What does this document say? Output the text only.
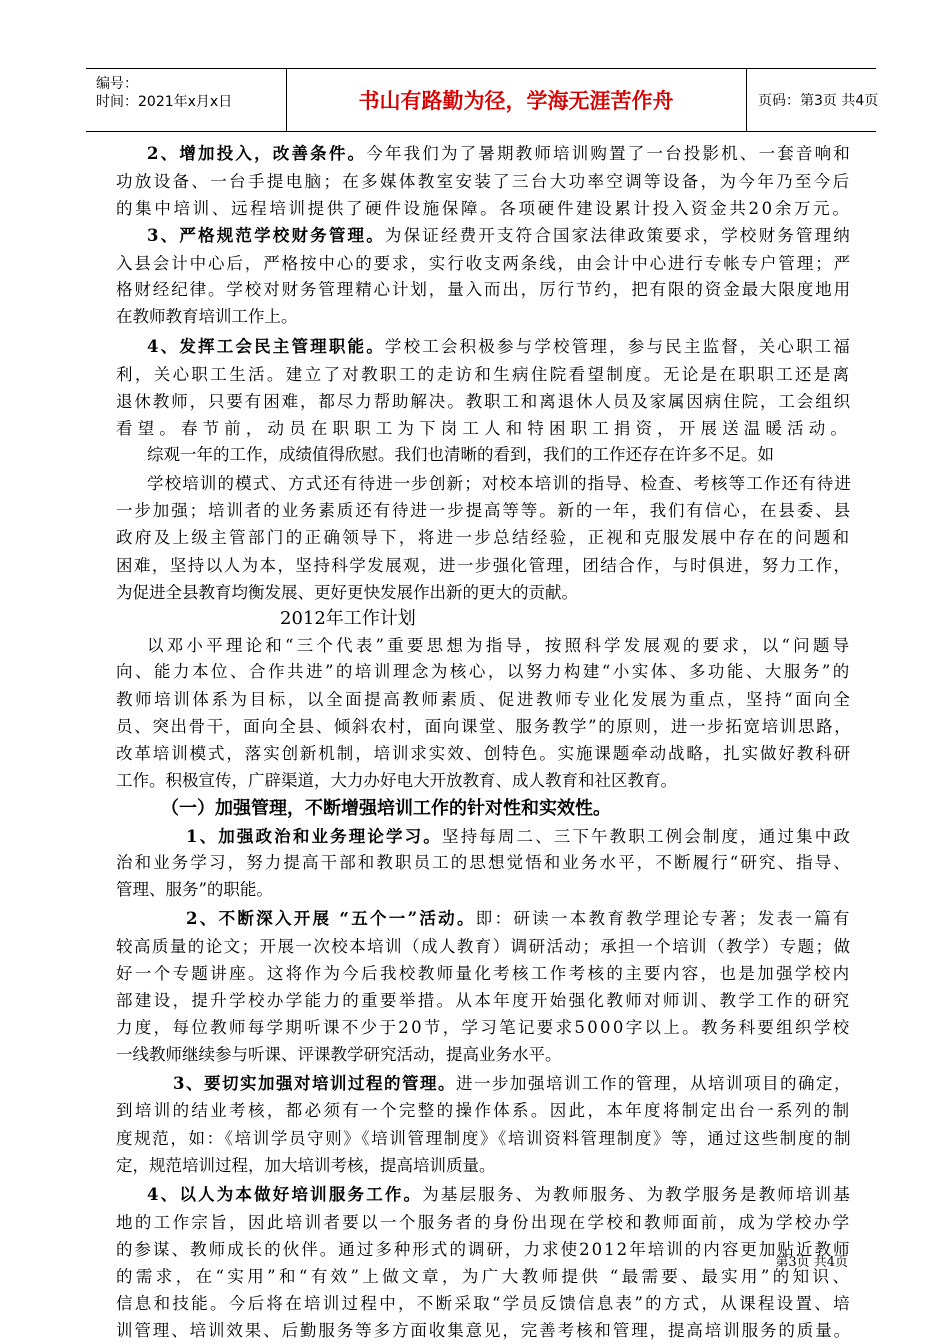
编号：
时间：2021年x月x日	书山有路勤为径，学海无涯苦作舟	页码：第3页 共4页
2、增加投入，改善条件。今年我们为了暑期教师培训购置了一台投影机、一套音响和
功放设备、一台手提电脑；在多媒体教室安装了三台大功率空调等设备，为今年乃至今后
的集中培训、远程培训提供了硬件设施保障。各项硬件建设累计投入资金共20余万元。
3、严格规范学校财务管理。为保证经费开支符合国家法律政策要求，学校财务管理纳
入县会计中心后，严格按中心的要求，实行收支两条线，由会计中心进行专帐专户管理；严
格财经纪律。学校对财务管理精心计划，量入而出，厉行节约，把有限的资金最大限度地用
在教师教育培训工作上。
4、发挥工会民主管理职能。学校工会积极参与学校管理，参与民主监督，关心职工福
利，关心职工生活。建立了对教职工的走访和生病住院看望制度。无论是在职职工还是离
退休教师，只要有困难，都尽力帮助解决。教职工和离退休人员及家属因病住院，工会组织
看望。春节前，动员在职职工为下岗工人和特困职工捐资，开展送温暖活动。
综观一年的工作，成绩值得欣慰。我们也清晰的看到，我们的工作还存在许多不足。如
学校培训的模式、方式还有待进一步创新；对校本培训的指导、检查、考核等工作还有待进
一步加强；培训者的业务素质还有待进一步提高等等。新的一年，我们有信心，在县委、县
政府及上级主管部门的正确领导下，将进一步总结经验，正视和克服发展中存在的问题和
困难，坚持以人为本，坚持科学发展观，进一步强化管理，团结合作，与时俱进，努力工作，
为促进全县教育均衡发展、更好更快发展作出新的更大的贡献。
2012年工作计划
以邓小平理论和“三个代表”重要思想为指导，按照科学发展观的要求，以“问题导
向、能力本位、合作共进”的培训理念为核心，以努力构建“小实体、多功能、大服务”的
教师培训体系为目标，以全面提高教师素质、促进教师专业化发展为重点，坚持“面向全
员、突出骨干，面向全县、倾斜农村，面向课堂、服务教学”的原则，进一步拓宽培训思路，
改革培训模式，落实创新机制，培训求实效、创特色。实施课题牵动战略，扎实做好教科研
工作。积极宣传，广辟渠道，大力办好电大开放教育、成人教育和社区教育。
（一）加强管理，不断增强培训工作的针对性和实效性。
1、加强政治和业务理论学习。坚持每周二、三下午教职工例会制度，通过集中政
治和业务学习，努力提高干部和教职员工的思想觉悟和业务水平，不断履行“研究、指导、
管理、服务”的职能。
2、不断深入开展 “五个一”活动。即：研读一本教育教学理论专著；发表一篇有
较高质量的论文；开展一次校本培训（成人教育）调研活动；承担一个培训（教学）专题；做
好一个专题讲座。这将作为今后我校教师量化考核工作考核的主要内容，也是加强学校内
部建设，提升学校办学能力的重要举措。从本年度开始强化教师对师训、教学工作的研究
力度，每位教师每学期听课不少于20节，学习笔记要求5000字以上。教务科要组织学校
一线教师继续参与听课、评课教学研究活动，提高业务水平。
3、要切实加强对培训过程的管理。进一步加强培训工作的管理，从培训项目的确定，
到培训的结业考核，都必须有一个完整的操作体系。因此，本年度将制定出台一系列的制
度规范，如：《培训学员守则》《培训管理制度》《培训资料管理制度》等，通过这些制度的制
定，规范培训过程，加大培训考核，提高培训质量。
4、以人为本做好培训服务工作。为基层服务、为教师服务、为教学服务是教师培训基
地的工作宗旨，因此培训者要以一个服务者的身份出现在学校和教师面前，成为学校办学
的参谋、教师成长的伙伴。通过多种形式的调研，力求使2012年培训的内容更加贴近教师
的需求，在“实用”和“有效”上做文章，为广大教师提供 “最需要、最实用”的知识、
信息和技能。今后将在培训过程中，不断采取“学员反馈信息表”的方式，从课程设置、培
训管理、培训效果、后勤服务等多方面收集意见，完善考核和管理，提高培训服务的质量。
第3页 共4页
